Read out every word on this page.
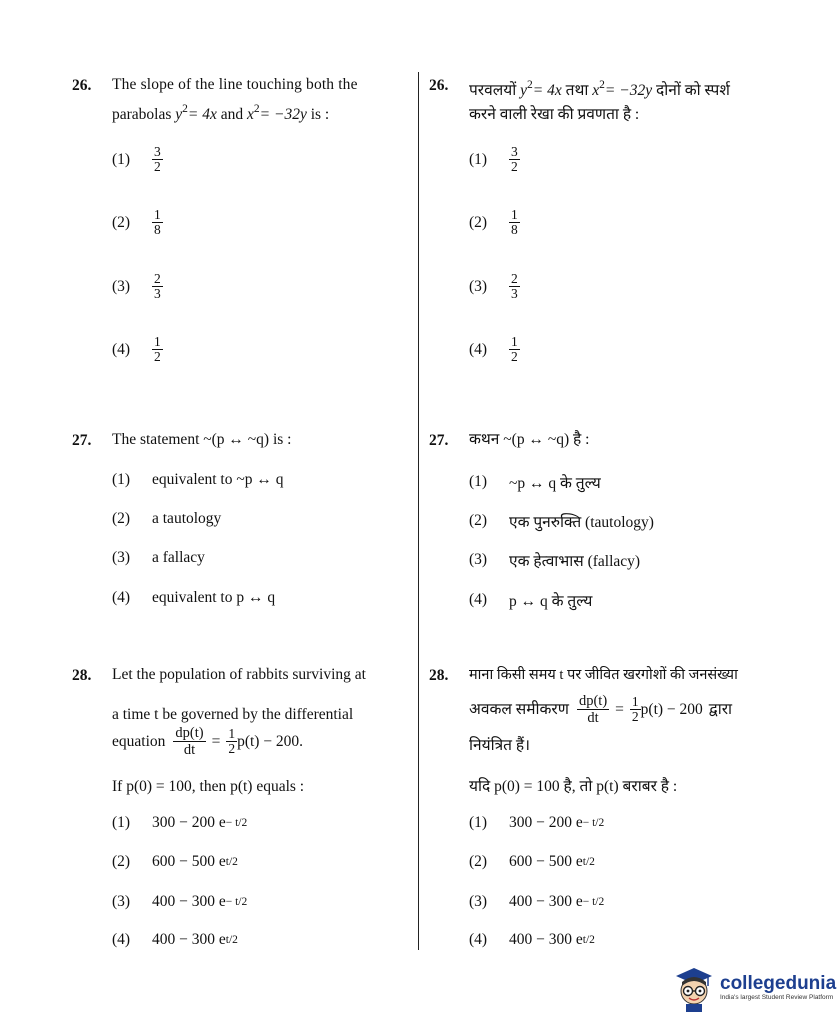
26. The slope of the line touching both the
parabolas $y^2= 4x$ and $x^2= -32y$ is :
(1)	$\frac{3}{2}$
(2)	$\frac{1}{8}$
(3)	$\frac{2}{3}$
(4)	$\frac{1}{2}$
27. The statement ~(p ↔ ~q) is :
(1)	equivalent to ~p ↔ q
(2)	a tautology
(3)	a fallacy
(4)	equivalent to p ↔ q
28. Let the population of rabbits surviving at
a time t be governed by the differential
equation $\frac{dp(t)}{dt} = \frac{1}{2} p(t) - 200$.
If p(0) = 100, then p(t) equals :
(1)	300 − 200 e − t/2
(2)	600 − 500 e t/2
(3)	400 − 300 e − t/2
(4)	400 − 300 e t/2
26. परवलयों $y^2= 4x$ तथा $x^2= -32y$ दोनों को स्पर्श
करने वाली रेखा की प्रवणता है :
(1)	$\frac{3}{2}$
(2)	$\frac{1}{8}$
(3)	$\frac{2}{3}$
(4)	$\frac{1}{2}$
27. कथन ~(p ↔ ~q) है :
(1)	~p ↔ q के तुल्य
(2)	एक पुनरुक्ति (tautology)
(3)	एक हेत्वाभास (fallacy)
(4)	p ↔ q के तुल्य
28. माना किसी समय t पर जीवित खरगोशों की जनसंख्या
अवकल समीकरण $\frac{dp(t)}{dt} = \frac{1}{2} p(t) - 200$ द्वारा
नियंत्रित हैं।
यदि p(0) = 100 है, तो p(t) बराबर है :
(1)	300 − 200 e − t/2
(2)	600 − 500 e t/2
(3)	400 − 300 e − t/2
(4)	400 − 300 e t/2
collegedunia
India's largest Student Review Platform
